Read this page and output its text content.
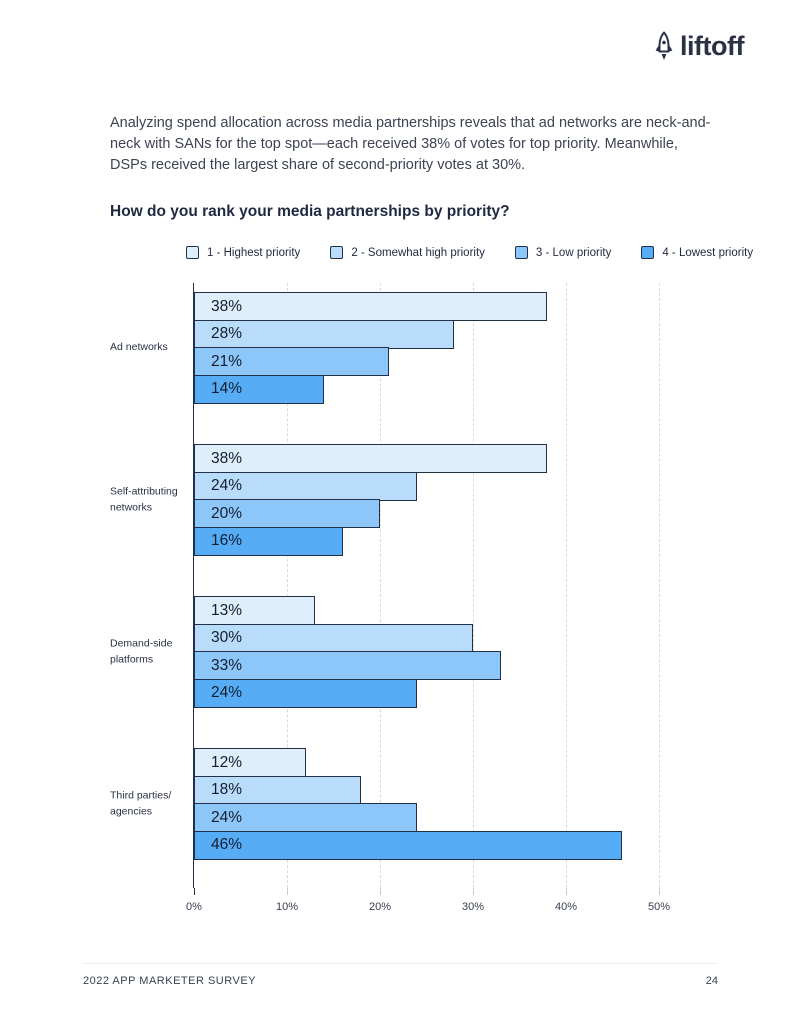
liftoff

Analyzing spend allocation across media partnerships reveals that ad networks are neck-and-neck with SANs for the top spot—each received 38% of votes for top priority. Meanwhile, DSPs received the largest share of second-priority votes at 30%.

How do you rank your media partnerships by priority?
1 - Highest priority	2 - Somewhat high priority	3 - Low priority	4 - Lowest priority
0%	10%	20%	30%	40%	50%
Ad networks
38%
28%
21%
14%
Self-attributing
networks
38%
24%
20%
16%
Demand-side
platforms
13%
30%
33%
24%
Third parties/
agencies
12%
18%
24%
46%
2022 APP MARKETER SURVEY	24
